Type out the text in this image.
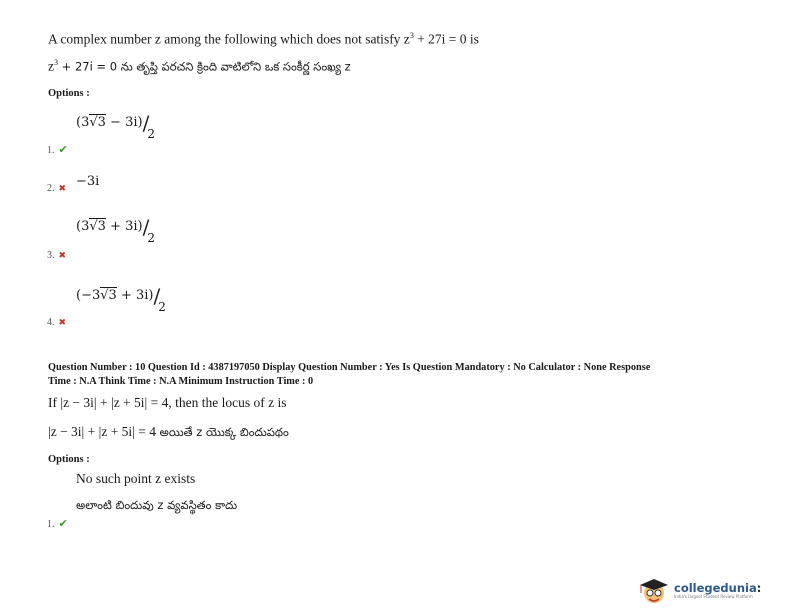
A complex number z among the following which does not satisfy $z^3 + 27i = 0$ is
$z^3 + 27i = 0$ ను తృప్తి పరచని క్రింది వాటిలోని ఒక సంకీర్ణ సంఖ్య z
Options :
(3√3 − 3i)/2
1. ✔
2. ✖ −3i
(3√3 + 3i)/2
3. ✖
(−3√3 + 3i)/2
4. ✖
Question Number : 10 Question Id : 4387197050 Display Question Number : Yes Is Question Mandatory : No Calculator : None Response
Time : N.A Think Time : N.A Minimum Instruction Time : 0
If |z − 3i| + |z + 5i| = 4, then the locus of z is
|z − 3i| + |z + 5i| = 4 అయితే z యొక్క బిందుపథం
Options :
No such point z exists
అలాంటి బిందువు z వ్యవస్థితం కాదు
1. ✔
collegedunia:
India's largest Student Review Platform
